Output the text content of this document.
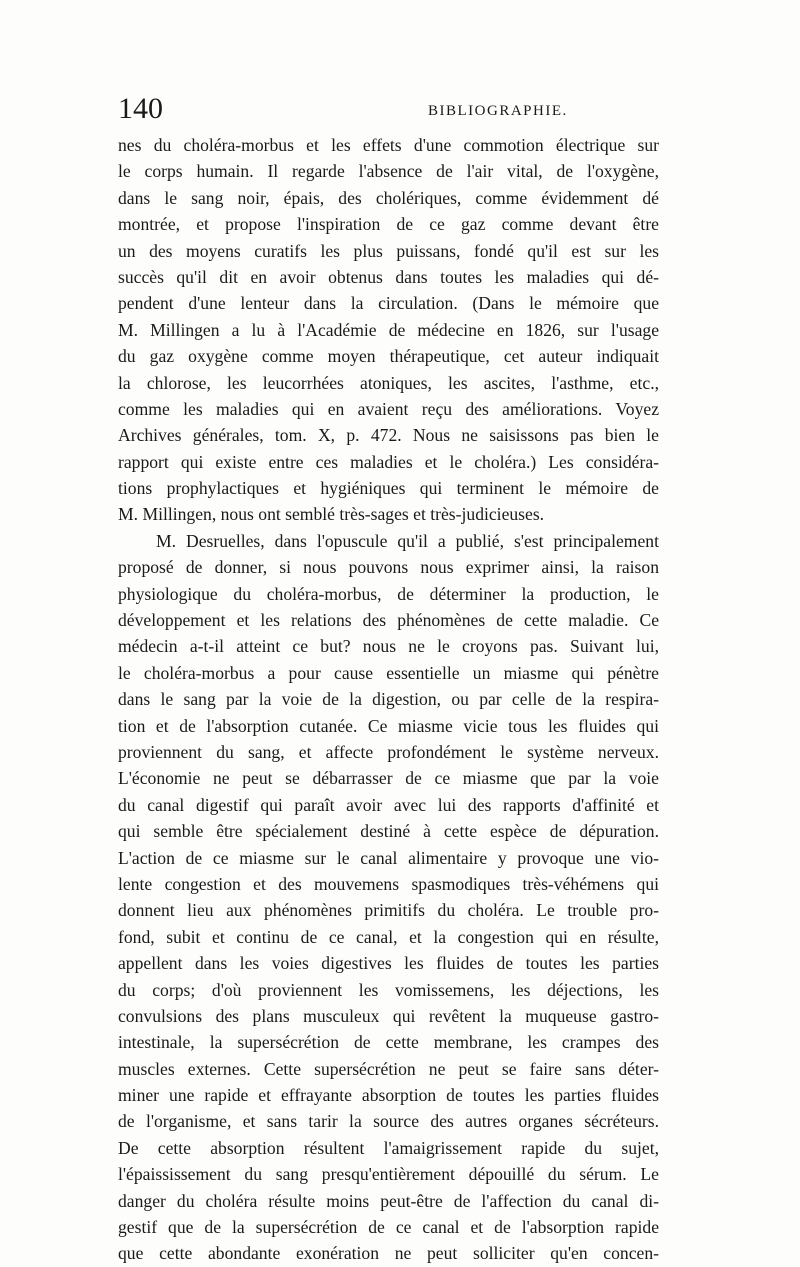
140	BIBLIOGRAPHIE.
nes du choléra-morbus et les effets d'une commotion électrique sur
le corps humain. Il regarde l'absence de l'air vital, de l'oxygène,
dans le sang noir, épais, des cholériques, comme évidemment dé
montrée, et propose l'inspiration de ce gaz comme devant être
un des moyens curatifs les plus puissans, fondé qu'il est sur les
succès qu'il dit en avoir obtenus dans toutes les maladies qui dé-
pendent d'une lenteur dans la circulation. (Dans le mémoire que
M. Millingen a lu à l'Académie de médecine en 1826, sur l'usage
du gaz oxygène comme moyen thérapeutique, cet auteur indiquait
la chlorose, les leucorrhées atoniques, les ascites, l'asthme, etc.,
comme les maladies qui en avaient reçu des améliorations. Voyez
Archives générales, tom. X, p. 472. Nous ne saisissons pas bien le
rapport qui existe entre ces maladies et le choléra.) Les considéra-
tions prophylactiques et hygiéniques qui terminent le mémoire de
M. Millingen, nous ont semblé très-sages et très-judicieuses.
M. Desruelles, dans l'opuscule qu'il a publié, s'est principalement
proposé de donner, si nous pouvons nous exprimer ainsi, la raison
physiologique du choléra-morbus, de déterminer la production, le
développement et les relations des phénomènes de cette maladie. Ce
médecin a-t-il atteint ce but? nous ne le croyons pas. Suivant lui,
le choléra-morbus a pour cause essentielle un miasme qui pénètre
dans le sang par la voie de la digestion, ou par celle de la respira-
tion et de l'absorption cutanée. Ce miasme vicie tous les fluides qui
proviennent du sang, et affecte profondément le système nerveux.
L'économie ne peut se débarrasser de ce miasme que par la voie
du canal digestif qui paraît avoir avec lui des rapports d'affinité et
qui semble être spécialement destiné à cette espèce de dépuration.
L'action de ce miasme sur le canal alimentaire y provoque une vio-
lente congestion et des mouvemens spasmodiques très-véhémens qui
donnent lieu aux phénomènes primitifs du choléra. Le trouble pro-
fond, subit et continu de ce canal, et la congestion qui en résulte,
appellent dans les voies digestives les fluides de toutes les parties
du corps; d'où proviennent les vomissemens, les déjections, les
convulsions des plans musculeux qui revêtent la muqueuse gastro-
intestinale, la supersécrétion de cette membrane, les crampes des
muscles externes. Cette supersécrétion ne peut se faire sans déter-
miner une rapide et effrayante absorption de toutes les parties fluides
de l'organisme, et sans tarir la source des autres organes sécréteurs.
De cette absorption résultent l'amaigrissement rapide du sujet,
l'épaississement du sang presqu'entièrement dépouillé du sérum. Le
danger du choléra résulte moins peut-être de l'affection du canal di-
gestif que de la supersécrétion de ce canal et de l'absorption rapide
que cette abondante exonération ne peut solliciter qu'en concen-
